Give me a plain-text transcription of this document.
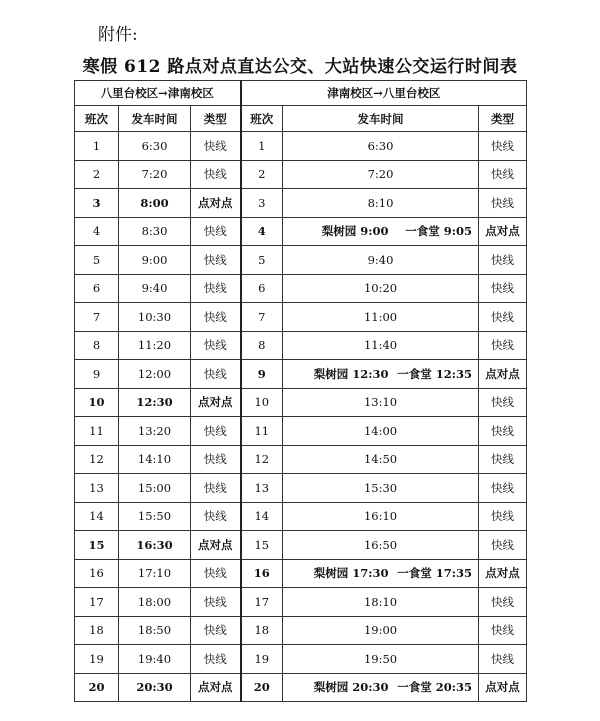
附件:
寒假 612 路点对点直达公交、大站快速公交运行时间表
八里台校区→津南校区			津南校区→八里台校区			
班次	发车时间	类型	班次	发车时间		类型
1	6:30	快线	1	6:30		快线
2	7:20	快线	2	7:20		快线
3	8:00	点对点	3	8:10		快线
4	8:30	快线	4	梨树园 9:00	一食堂 9:05	点对点
5	9:00	快线	5	9:40		快线
6	9:40	快线	6	10:20		快线
7	10:30	快线	7	11:00		快线
8	11:20	快线	8	11:40		快线
9	12:00	快线	9	梨树园 12:30	一食堂 12:35	点对点
10	12:30	点对点	10	13:10		快线
11	13:20	快线	11	14:00		快线
12	14:10	快线	12	14:50		快线
13	15:00	快线	13	15:30		快线
14	15:50	快线	14	16:10		快线
15	16:30	点对点	15	16:50		快线
16	17:10	快线	16	梨树园 17:30	一食堂 17:35	点对点
17	18:00	快线	17	18:10		快线
18	18:50	快线	18	19:00		快线
19	19:40	快线	19	19:50		快线
20	20:30	点对点	20	梨树园 20:30	一食堂 20:35	点对点
